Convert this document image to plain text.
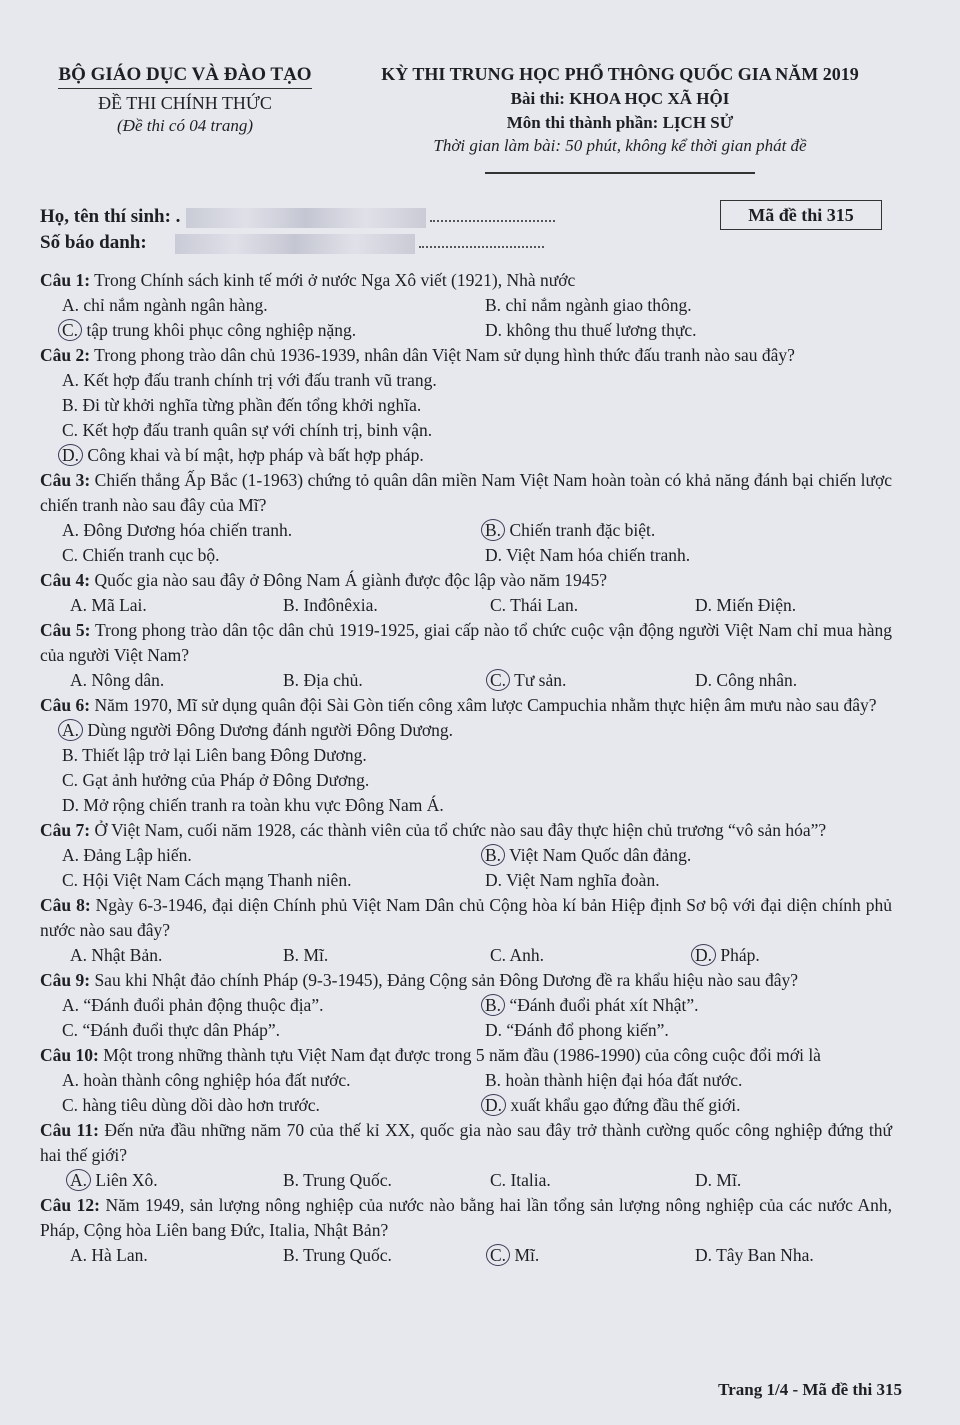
BỘ GIÁO DỤC VÀ ĐÀO TẠO
ĐỀ THI CHÍNH THỨC
(Đề thi có 04 trang)
KỲ THI TRUNG HỌC PHỔ THÔNG QUỐC GIA NĂM 2019
Bài thi: KHOA HỌC XÃ HỘI
Môn thi thành phần: LỊCH SỬ
Thời gian làm bài: 50 phút, không kể thời gian phát đề
Họ, tên thí sinh: .
Số báo danh:
Mã đề thi 315
Câu 1: Trong Chính sách kinh tế mới ở nước Nga Xô viết (1921), Nhà nước
A. chỉ nắm ngành ngân hàng.	B. chỉ nắm ngành giao thông.
C. tập trung khôi phục công nghiệp nặng.	D. không thu thuế lương thực.
Câu 2: Trong phong trào dân chủ 1936-1939, nhân dân Việt Nam sử dụng hình thức đấu tranh nào sau đây?
A. Kết hợp đấu tranh chính trị với đấu tranh vũ trang.
B. Đi từ khởi nghĩa từng phần đến tổng khởi nghĩa.
C. Kết hợp đấu tranh quân sự với chính trị, binh vận.
D. Công khai và bí mật, hợp pháp và bất hợp pháp.
Câu 3: Chiến thắng Ấp Bắc (1-1963) chứng tỏ quân dân miền Nam Việt Nam hoàn toàn có khả năng đánh bại chiến lược chiến tranh nào sau đây của Mĩ?
A. Đông Dương hóa chiến tranh.	B. Chiến tranh đặc biệt.
C. Chiến tranh cục bộ.	D. Việt Nam hóa chiến tranh.
Câu 4: Quốc gia nào sau đây ở Đông Nam Á giành được độc lập vào năm 1945?
A. Mã Lai.	B. Inđônêxia.	C. Thái Lan.	D. Miến Điện.
Câu 5: Trong phong trào dân tộc dân chủ 1919-1925, giai cấp nào tổ chức cuộc vận động người Việt Nam chỉ mua hàng của người Việt Nam?
A. Nông dân.	B. Địa chủ.	C. Tư sản.	D. Công nhân.
Câu 6: Năm 1970, Mĩ sử dụng quân đội Sài Gòn tiến công xâm lược Campuchia nhằm thực hiện âm mưu nào sau đây?
A. Dùng người Đông Dương đánh người Đông Dương.
B. Thiết lập trở lại Liên bang Đông Dương.
C. Gạt ảnh hưởng của Pháp ở Đông Dương.
D. Mở rộng chiến tranh ra toàn khu vực Đông Nam Á.
Câu 7: Ở Việt Nam, cuối năm 1928, các thành viên của tổ chức nào sau đây thực hiện chủ trương “vô sản hóa”?
A. Đảng Lập hiến.	B. Việt Nam Quốc dân đảng.
C. Hội Việt Nam Cách mạng Thanh niên.	D. Việt Nam nghĩa đoàn.
Câu 8: Ngày 6-3-1946, đại diện Chính phủ Việt Nam Dân chủ Cộng hòa kí bản Hiệp định Sơ bộ với đại diện chính phủ nước nào sau đây?
A. Nhật Bản.	B. Mĩ.	C. Anh.	D. Pháp.
Câu 9: Sau khi Nhật đảo chính Pháp (9-3-1945), Đảng Cộng sản Đông Dương đề ra khẩu hiệu nào sau đây?
A. “Đánh đuổi phản động thuộc địa”.	B. “Đánh đuổi phát xít Nhật”.
C. “Đánh đuổi thực dân Pháp”.	D. “Đánh đổ phong kiến”.
Câu 10: Một trong những thành tựu Việt Nam đạt được trong 5 năm đầu (1986-1990) của công cuộc đổi mới là
A. hoàn thành công nghiệp hóa đất nước.	B. hoàn thành hiện đại hóa đất nước.
C. hàng tiêu dùng dồi dào hơn trước.	D. xuất khẩu gạo đứng đầu thế giới.
Câu 11: Đến nửa đầu những năm 70 của thế kỉ XX, quốc gia nào sau đây trở thành cường quốc công nghiệp đứng thứ hai thế giới?
A. Liên Xô.	B. Trung Quốc.	C. Italia.	D. Mĩ.
Câu 12: Năm 1949, sản lượng nông nghiệp của nước nào bằng hai lần tổng sản lượng nông nghiệp của các nước Anh, Pháp, Cộng hòa Liên bang Đức, Italia, Nhật Bản?
A. Hà Lan.	B. Trung Quốc.	C. Mĩ.	D. Tây Ban Nha.
Trang 1/4 - Mã đề thi 315
